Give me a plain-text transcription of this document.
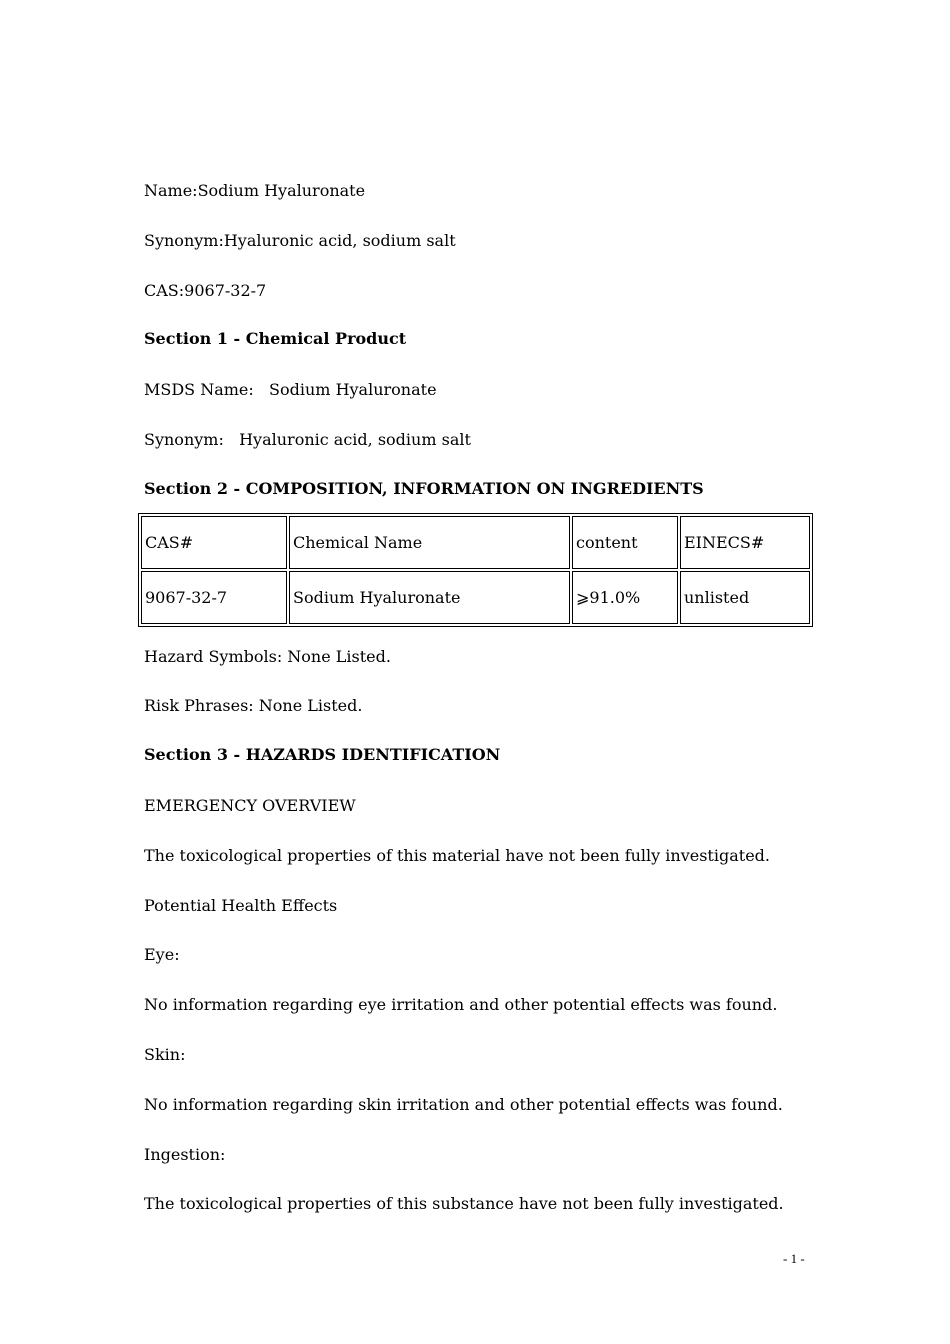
Name:Sodium Hyaluronate
Synonym:Hyaluronic acid, sodium salt
CAS:9067-32-7
Section 1 - Chemical Product
MSDS Name:   Sodium Hyaluronate
Synonym:   Hyaluronic acid, sodium salt
Section 2 - COMPOSITION, INFORMATION ON INGREDIENTS
CAS#	Chemical Name	content	EINECS#
9067-32-7	Sodium Hyaluronate	⩾91.0%	unlisted
Hazard Symbols: None Listed.
Risk Phrases: None Listed.
Section 3 - HAZARDS IDENTIFICATION
EMERGENCY OVERVIEW
The toxicological properties of this material have not been fully investigated.
Potential Health Effects
Eye:
No information regarding eye irritation and other potential effects was found.
Skin:
No information regarding skin irritation and other potential effects was found.
Ingestion:
The toxicological properties of this substance have not been fully investigated.
- 1 -
